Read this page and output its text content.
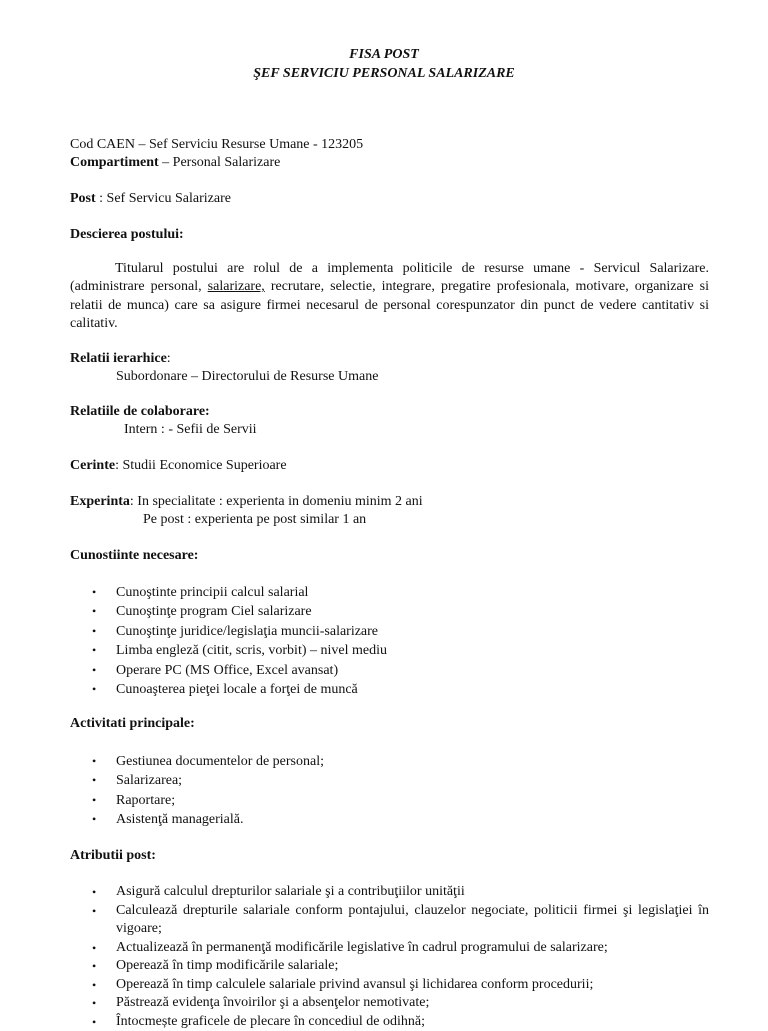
FISA POST
ŞEF SERVICIU PERSONAL SALARIZARE
Cod CAEN – Sef Serviciu Resurse Umane - 123205
Compartiment – Personal Salarizare
Post : Sef Servicu Salarizare
Descierea postului:
Titularul postului are rolul de a implementa politicile de resurse umane - Servicul Salarizare. (administrare personal, salarizare, recrutare, selectie, integrare, pregatire profesionala, motivare, organizare si relatii de munca) care sa asigure firmei necesarul de personal corespunzator din punct de vedere cantitativ si calitativ.
Relatii ierarhice:
Subordonare – Directorului de Resurse Umane
Relatiile de colaborare:
Intern : - Sefii de Servii
Cerinte: Studii Economice Superioare
Experinta: In specialitate : experienta in domeniu minim 2 ani
Pe post : experienta pe post similar 1 an
Cunostiinte necesare:
• Cunoştinte principii calcul salarial
• Cunoştinţe program Ciel salarizare
• Cunoştinţe juridice/legislaţia muncii-salarizare
• Limba engleză (citit, scris, vorbit) – nivel mediu
• Operare PC (MS Office, Excel avansat)
• Cunoaşterea pieţei locale a forţei de muncă
Activitati principale:
• Gestiunea documentelor de personal;
• Salarizarea;
• Raportare;
• Asistenţă managerială.
Atributii post:
• Asigură calculul drepturilor salariale şi a contribuţiilor unităţii
• Calculează drepturile salariale conform pontajului, clauzelor negociate, politicii firmei şi legislaţiei în vigoare;
• Actualizează în permanenţă modificările legislative în cadrul programului de salarizare;
• Operează în timp modificările salariale;
• Operează în timp calculele salariale privind avansul şi lichidarea conform procedurii;
• Păstrează evidenţa învoirilor şi a absenţelor nemotivate;
• Întocmește graficele de plecare în concediul de odihnă;
